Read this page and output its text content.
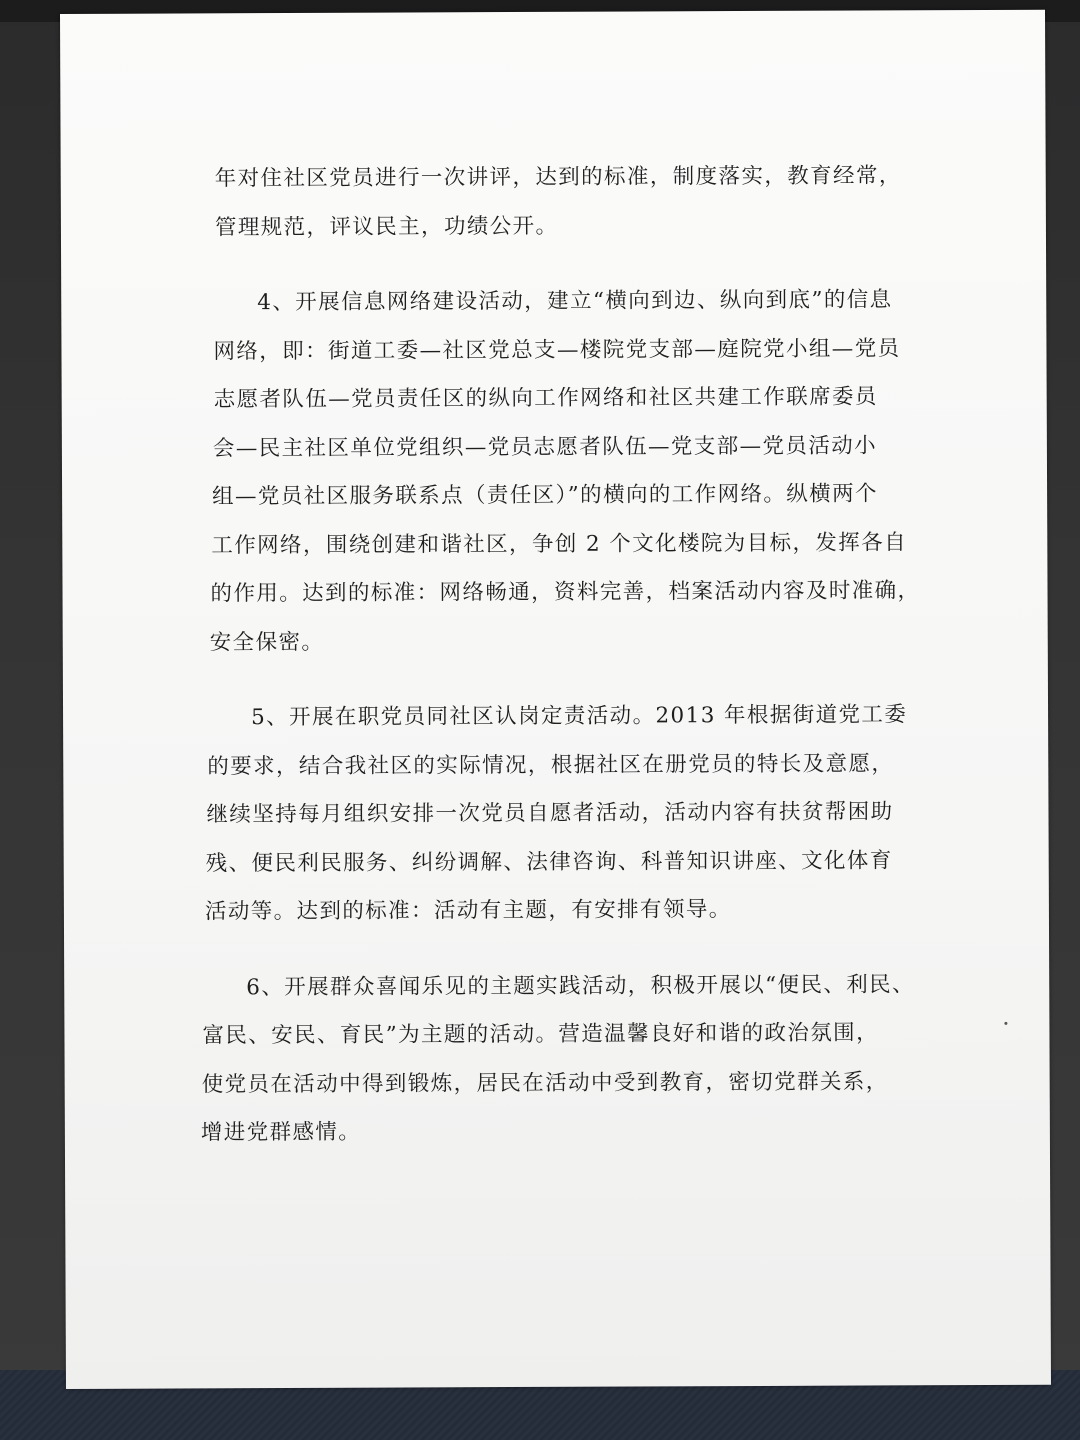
年对住社区党员进行一次讲评，达到的标准，制度落实，教育经常，
管理规范，评议民主，功绩公开。
4、开展信息网络建设活动，建立“横向到边、纵向到底”的信息
网络，即：街道工委—社区党总支—楼院党支部—庭院党小组—党员
志愿者队伍—党员责任区的纵向工作网络和社区共建工作联席委员
会—民主社区单位党组织—党员志愿者队伍—党支部—党员活动小
组—党员社区服务联系点（责任区）”的横向的工作网络。纵横两个
工作网络，围绕创建和谐社区，争创 2 个文化楼院为目标，发挥各自
的作用。达到的标准：网络畅通，资料完善，档案活动内容及时准确，
安全保密。
5、开展在职党员同社区认岗定责活动。2013 年根据街道党工委
的要求，结合我社区的实际情况，根据社区在册党员的特长及意愿，
继续坚持每月组织安排一次党员自愿者活动，活动内容有扶贫帮困助
残、便民利民服务、纠纷调解、法律咨询、科普知识讲座、文化体育
活动等。达到的标准：活动有主题，有安排有领导。
6、开展群众喜闻乐见的主题实践活动，积极开展以“便民、利民、
富民、安民、育民”为主题的活动。营造温馨良好和谐的政治氛围，
使党员在活动中得到锻炼，居民在活动中受到教育，密切党群关系，
增进党群感情。
